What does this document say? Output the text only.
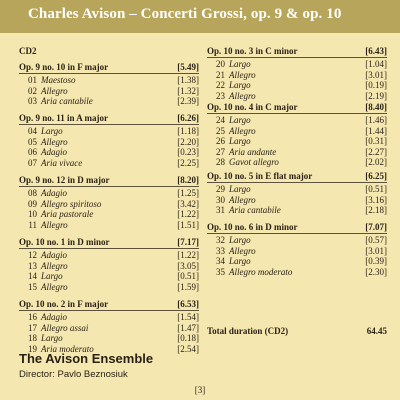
Charles Avison – Concerti Grossi, op. 9 & op. 10
CD2
Op. 9 no. 10 in F major	[5.49]
01 Maestoso	[1.38]
02 Allegro	[1.32]
03 Aria cantabile	[2.39]
Op. 9 no. 11 in A major	[6.26]
04 Largo	[1.18]
05 Allegro	[2.20]
06 Adagio	[0.23]
07 Aria vivace	[2.25]
Op. 9 no. 12 in D major	[8.20]
08 Adagio	[1.25]
09 Allegro spiritoso	[3.42]
10 Aria pastorale	[1.22]
11 Allegro	[1.51]
Op. 10 no. 1 in D minor	[7.17]
12 Adagio	[1.22]
13 Allegro	[3.05]
14 Largo	[0.51]
15 Allegro	[1.59]
Op. 10 no. 2 in F major	[6.53]
16 Adagio	[1.54]
17 Allegro assai	[1.47]
18 Largo	[0.18]
19 Aria moderato	[2.54]
Op. 10 no. 3 in C minor	[6.43]
20 Largo	[1.04]
21 Allegro	[3.01]
22 Largo	[0.19]
23 Allegro	[2.19]
Op. 10 no. 4 in C major	[8.40]
24 Largo	[1.46]
25 Allegro	[1.44]
26 Largo	[0.31]
27 Aria andante	[2.27]
28 Gavot allegro	[2.02]
Op. 10 no. 5 in E flat major	[6.25]
29 Largo	[0.51]
30 Allegro	[3.16]
31 Aria cantabile	[2.18]
Op. 10 no. 6 in D minor	[7.07]
32 Largo	[0.57]
33 Allegro	[3.01]
34 Largo	[0.39]
35 Allegro moderato	[2.30]
Total duration (CD2)	64.45
The Avison Ensemble
Director: Pavlo Beznosiuk
[3]
